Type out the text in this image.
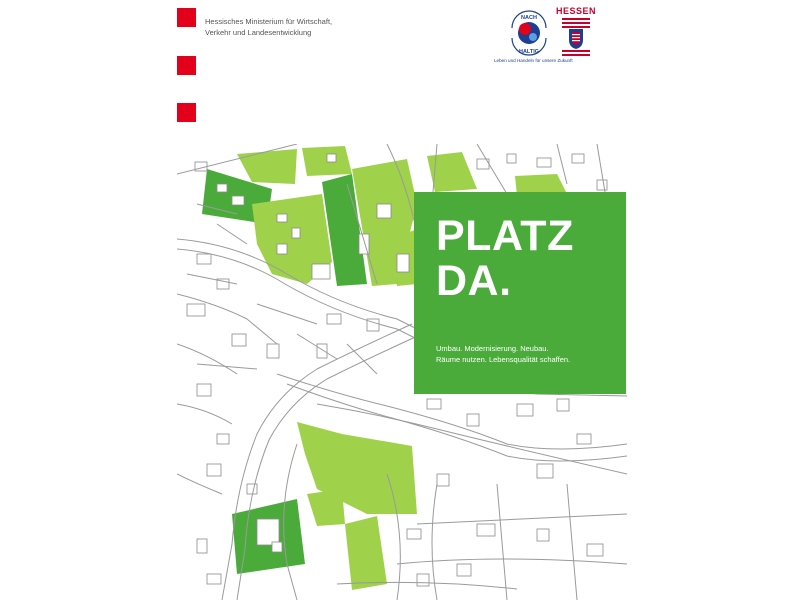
Hessisches Ministerium für Wirtschaft,
Verkehr und Landesentwicklung
NACH
HALTIG
Leben und Handeln für unsere Zukunft
HESSEN
PLATZ
DA.
Umbau. Modernisierung. Neubau.
Räume nutzen. Lebensqualität schaffen.
